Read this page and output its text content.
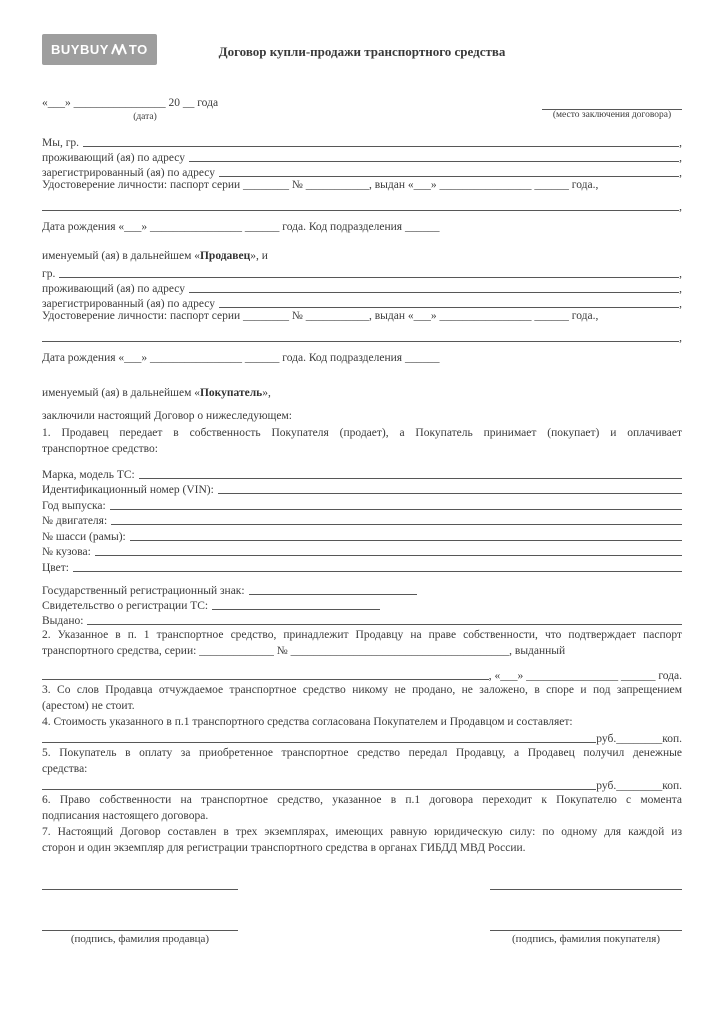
BUYBUY TO	Договор купли-продажи транспортного средства
«___» ________________ 20 __ года
(дата)	(место заключения договора)
Мы, гр.	,
проживающий (ая) по адресу	,
зарегистрированный (ая) по адресу	,
Удостоверение личности: паспорт серии ________ № ___________, выдан «___» ________________ ______ года.,
,
Дата рождения «___» ________________ ______ года. Код подразделения ______
именуемый (ая) в дальнейшем «Продавец», и
гр.	,
проживающий (ая) по адресу	,
зарегистрированный (ая) по адресу	,
Удостоверение личности: паспорт серии ________ № ___________, выдан «___» ________________ ______ года.,
,
Дата рождения «___» ________________ ______ года. Код подразделения ______
именуемый (ая) в дальнейшем «Покупатель»,
заключили настоящий Договор о нижеследующем:
1. Продавец передает в собственность Покупателя (продает), а Покупатель принимает (покупает) и оплачивает
транспортное средство:
Марка, модель ТС:
Идентификационный номер (VIN):
Год выпуска:
№ двигателя:
№ шасси (рамы):
№ кузова:
Цвет:
Государственный регистрационный знак:
Свидетельство о регистрации ТС:
Выдано:
2. Указанное в п. 1 транспортное средство, принадлежит Продавцу на праве собственности, что подтверждает паспорт
транспортного средства, серии: _____________ № ______________________________________, выданный
, «___» ________________ ______ года.
3. Со слов Продавца отчуждаемое транспортное средство никому не продано, не заложено, в споре и под запрещением
(арестом) не стоит.
4. Стоимость указанного в п.1 транспортного средства согласована Покупателем и Продавцом и составляет:
руб.________коп.
5. Покупатель в оплату за приобретенное транспортное средство передал Продавцу, а Продавец получил денежные
средства:
руб.________коп.
6. Право собственности на транспортное средство, указанное в п.1 договора переходит к Покупателю с момента
подписания настоящего договора.
7. Настоящий Договор составлен в трех экземплярах, имеющих равную юридическую силу: по одному для каждой из
сторон и один экземпляр для регистрации транспортного средства в органах ГИБДД МВД России.
(подпись, фамилия продавца)	(подпись, фамилия покупателя)
